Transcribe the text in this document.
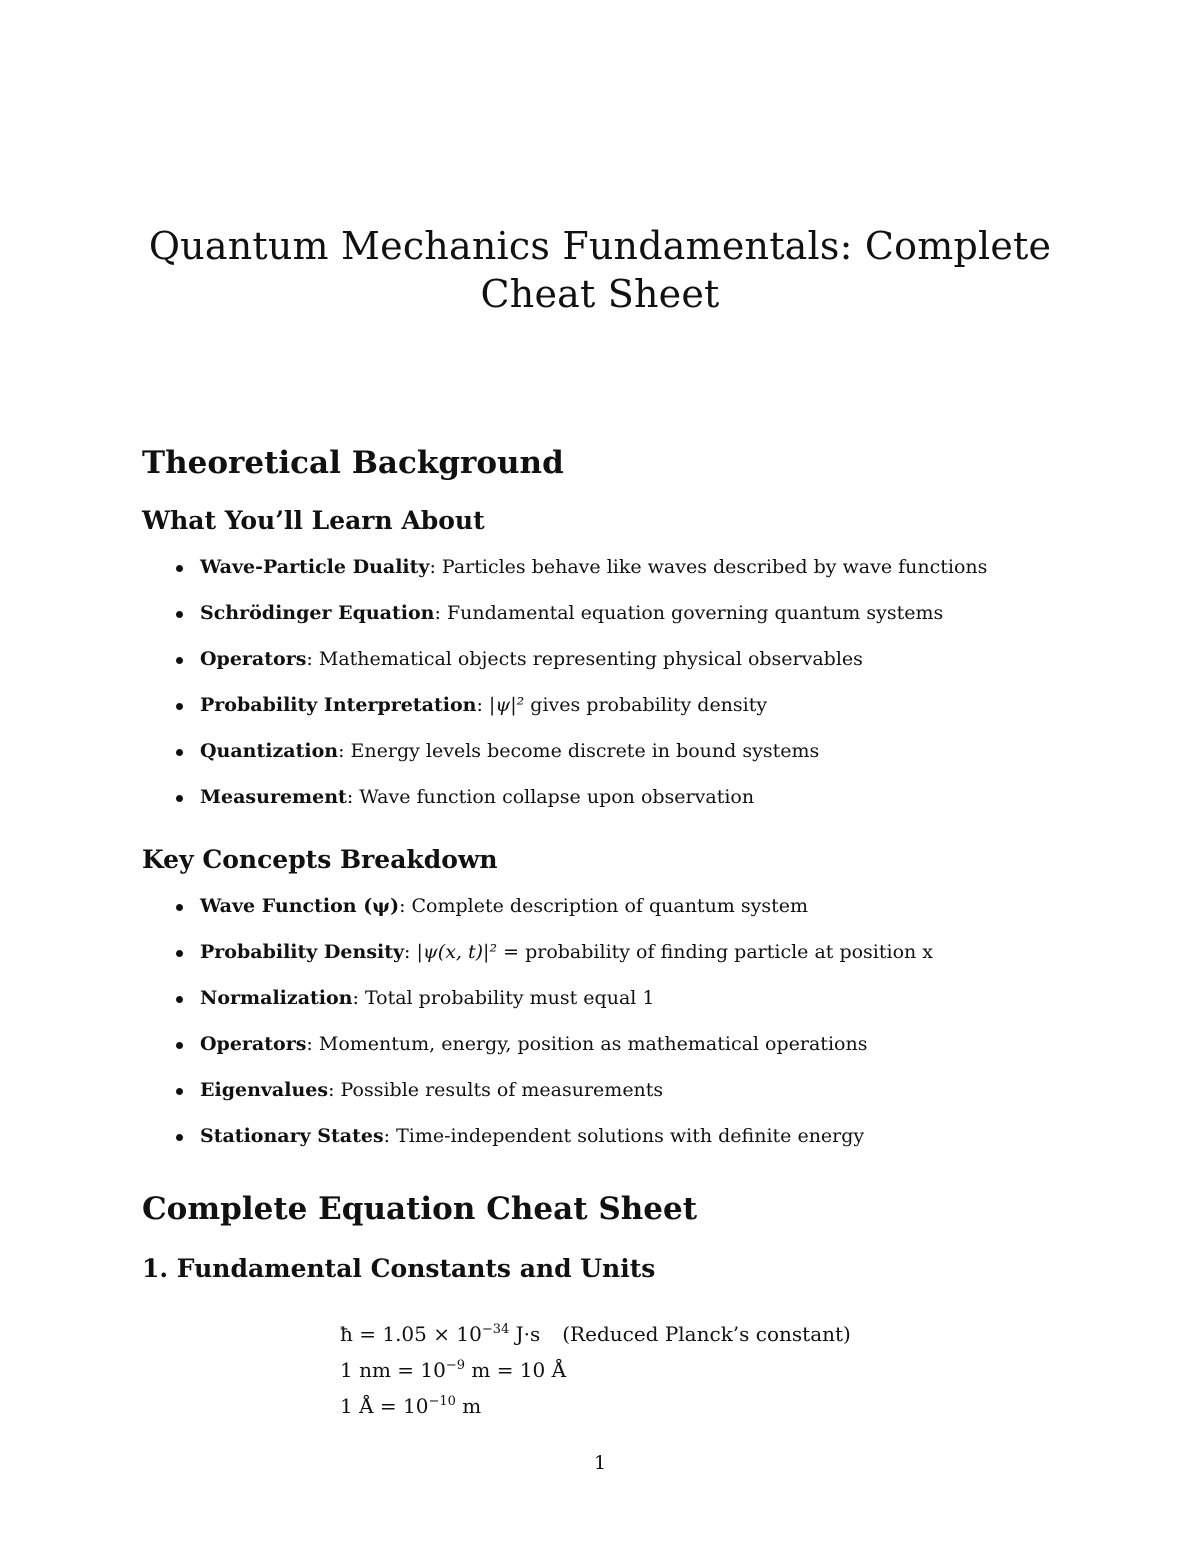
Quantum Mechanics Fundamentals: Complete Cheat Sheet
Theoretical Background
What You’ll Learn About
Wave-Particle Duality: Particles behave like waves described by wave functions
Schrödinger Equation: Fundamental equation governing quantum systems
Operators: Mathematical objects representing physical observables
Probability Interpretation: |ψ|² gives probability density
Quantization: Energy levels become discrete in bound systems
Measurement: Wave function collapse upon observation
Key Concepts Breakdown
Wave Function (ψ): Complete description of quantum system
Probability Density: |ψ(x, t)|² = probability of finding particle at position x
Normalization: Total probability must equal 1
Operators: Momentum, energy, position as mathematical operations
Eigenvalues: Possible results of measurements
Stationary States: Time-independent solutions with definite energy
Complete Equation Cheat Sheet
1. Fundamental Constants and Units
ħ = $1.05 \times 10^{-34}$ J·s (Reduced Planck’s constant)
1 nm = $10^{-9}$ m = 10 Å
1 Å = $10^{-10}$ m
1
